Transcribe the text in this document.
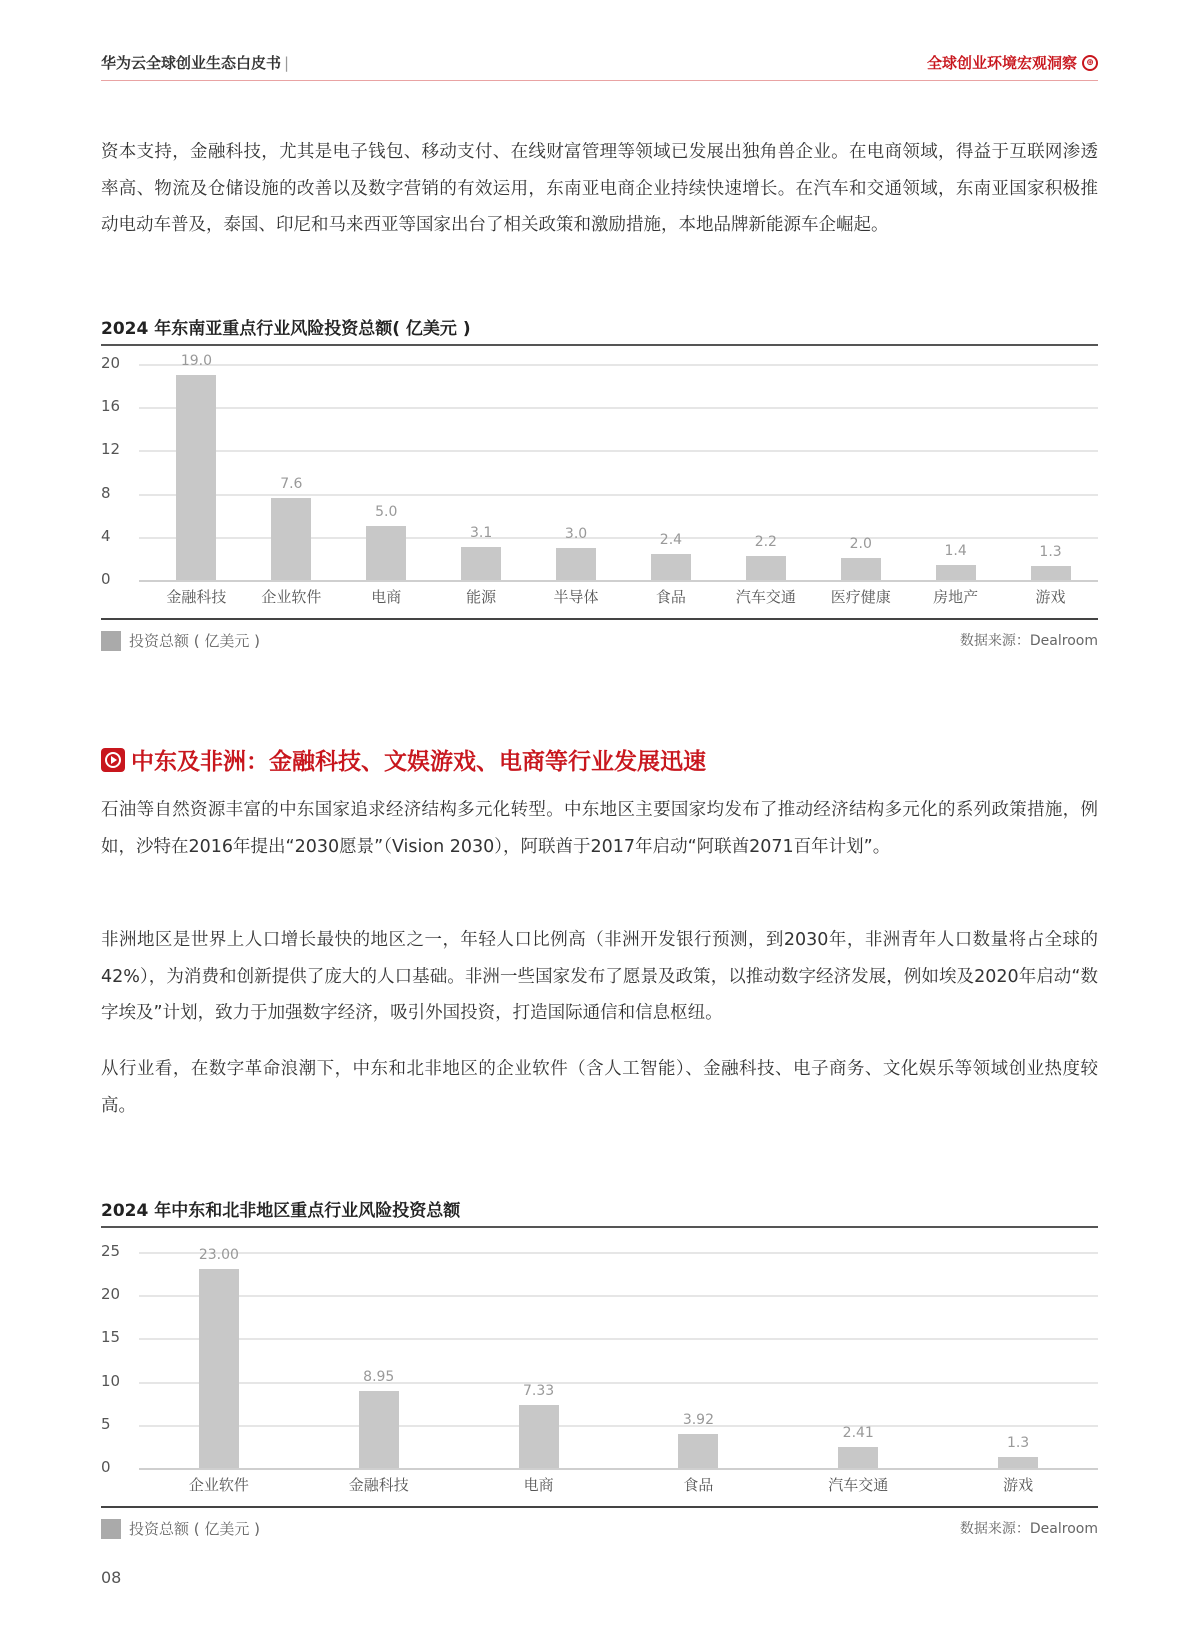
华为云全球创业生态白皮书 |	全球创业环境宏观洞察	⊕

资本支持，金融科技，尤其是电子钱包、移动支付、在线财富管理等领域已发展出独角兽企业。在电商领域，得益于互联网渗透率高、物流及仓储设施的改善以及数字营销的有效运用，东南亚电商企业持续快速增长。在汽车和交通领域，东南亚国家积极推动电动车普及，泰国、印尼和马来西亚等国家出台了相关政策和激励措施，本地品牌新能源车企崛起。

2024 年东南亚重点行业风险投资总额( 亿美元 )
20
16
12
8
4
0
19.0
金融科技
7.6
企业软件
5.0
电商
3.1
能源
3.0
半导体
2.4
食品
2.2
汽车交通
2.0
医疗健康
1.4
房地产
1.3
游戏
投资总额 ( 亿美元 )	数据来源：Dealroom
中东及非洲：金融科技、文娱游戏、电商等行业发展迅速

石油等自然资源丰富的中东国家追求经济结构多元化转型。中东地区主要国家均发布了推动经济结构多元化的系列政策措施，例如，沙特在2016年提出“2030愿景”（Vision 2030），阿联酋于2017年启动“阿联酋2071百年计划”。

非洲地区是世界上人口增长最快的地区之一，年轻人口比例高（非洲开发银行预测，到2030年，非洲青年人口数量将占全球的42%），为消费和创新提供了庞大的人口基础。非洲一些国家发布了愿景及政策，以推动数字经济发展，例如埃及2020年启动“数字埃及”计划，致力于加强数字经济，吸引外国投资，打造国际通信和信息枢纽。

从行业看，在数字革命浪潮下，中东和北非地区的企业软件（含人工智能）、金融科技、电子商务、文化娱乐等领域创业热度较高。

2024 年中东和北非地区重点行业风险投资总额
25
20
15
10
5
0
23.00
企业软件
8.95
金融科技
7.33
电商
3.92
食品
2.41
汽车交通
1.3
游戏
投资总额 ( 亿美元 )	数据来源：Dealroom
08
